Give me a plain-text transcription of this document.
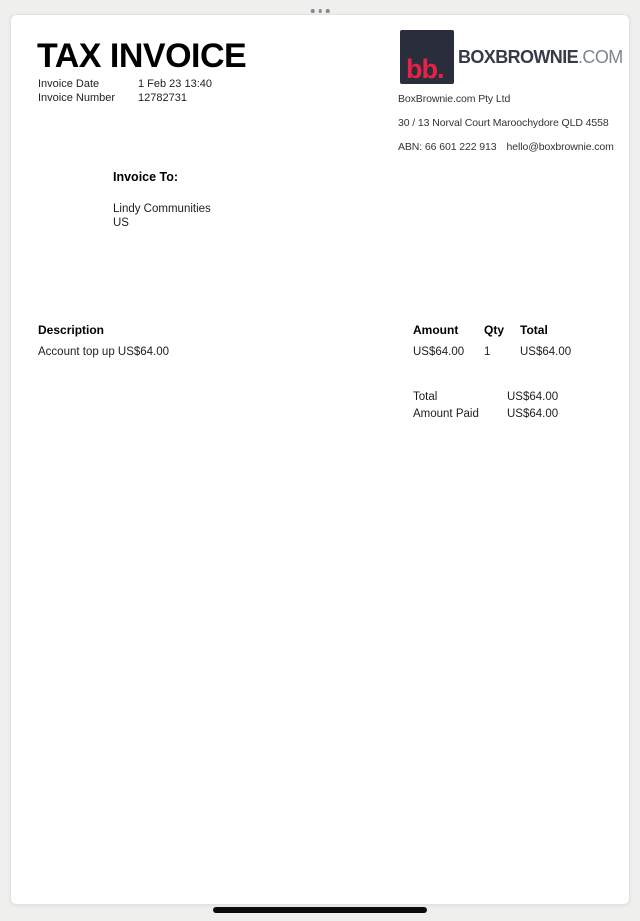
TAX INVOICE
Invoice Date	1 Feb 23 13:40
Invoice Number	12782731
bb. BOXBROWNIE.COM
BoxBrownie.com Pty Ltd
30 / 13 Norval Court Maroochydore QLD 4558
ABN: 66 601 222 913 hello@boxbrownie.com
Invoice To:
Lindy Communities
US
Description	Amount Qty Total
Account top up US$64.00	US$64.00 1	US$64.00
Total	US$64.00
Amount Paid US$64.00
